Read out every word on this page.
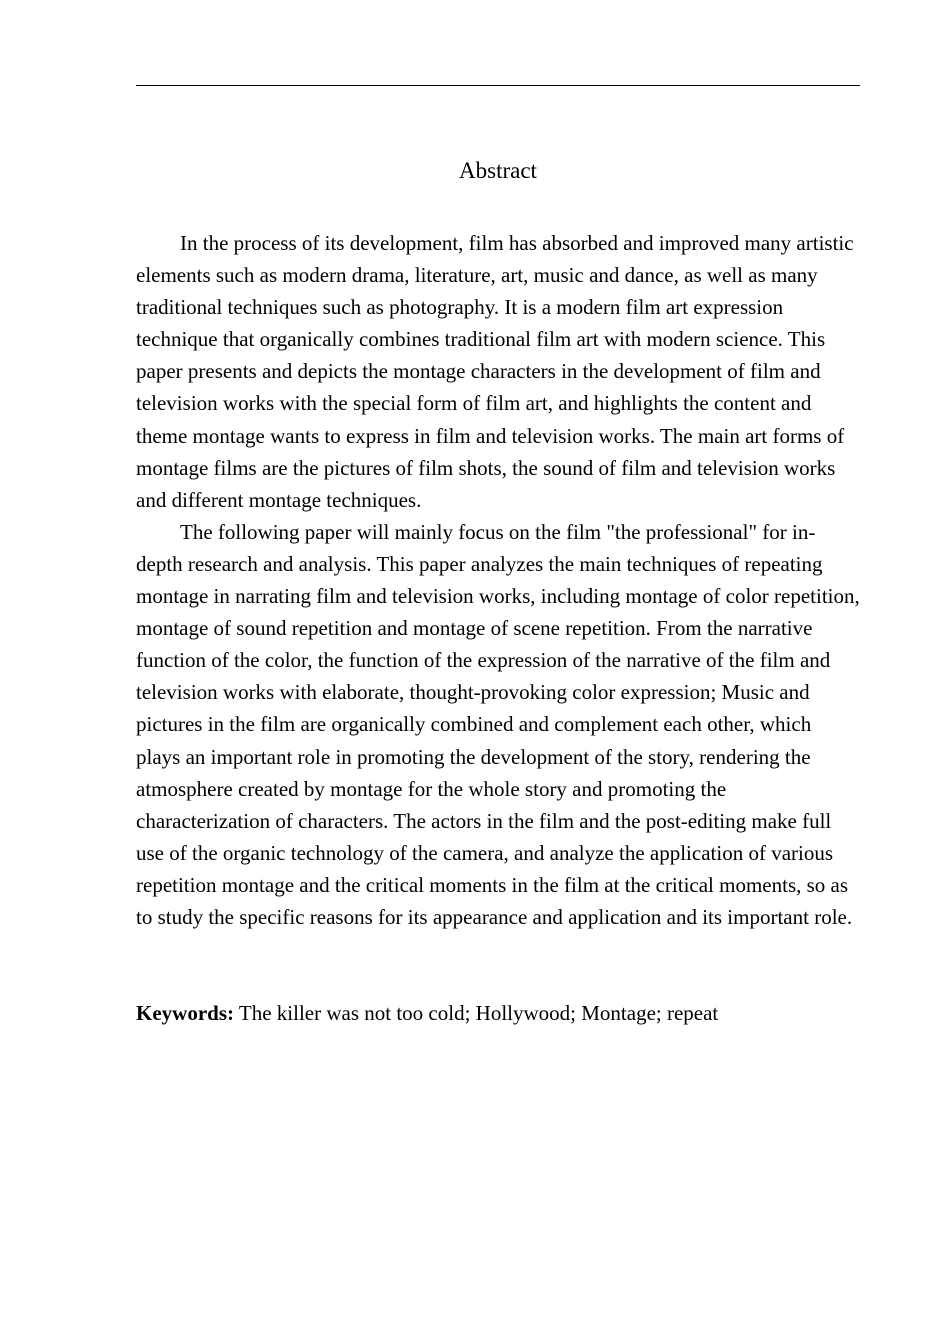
Abstract

In the process of its development, film has absorbed and improved many artistic elements such as modern drama, literature, art, music and dance, as well as many traditional techniques such as photography. It is a modern film art expression technique that organically combines traditional film art with modern science. This paper presents and depicts the montage characters in the development of film and television works with the special form of film art, and highlights the content and theme montage wants to express in film and television works. The main art forms of montage films are the pictures of film shots, the sound of film and television works and different montage techniques.

The following paper will mainly focus on the film "the professional" for in-depth research and analysis. This paper analyzes the main techniques of repeating montage in narrating film and television works, including montage of color repetition, montage of sound repetition and montage of scene repetition. From the narrative function of the color, the function of the expression of the narrative of the film and television works with elaborate, thought-provoking color expression; Music and pictures in the film are organically combined and complement each other, which plays an important role in promoting the development of the story, rendering the atmosphere created by montage for the whole story and promoting the characterization of characters. The actors in the film and the post-editing make full use of the organic technology of the camera, and analyze the application of various repetition montage and the critical moments in the film at the critical moments, so as to study the specific reasons for its appearance and application and its important role.

Keywords: The killer was not too cold; Hollywood; Montage; repeat
